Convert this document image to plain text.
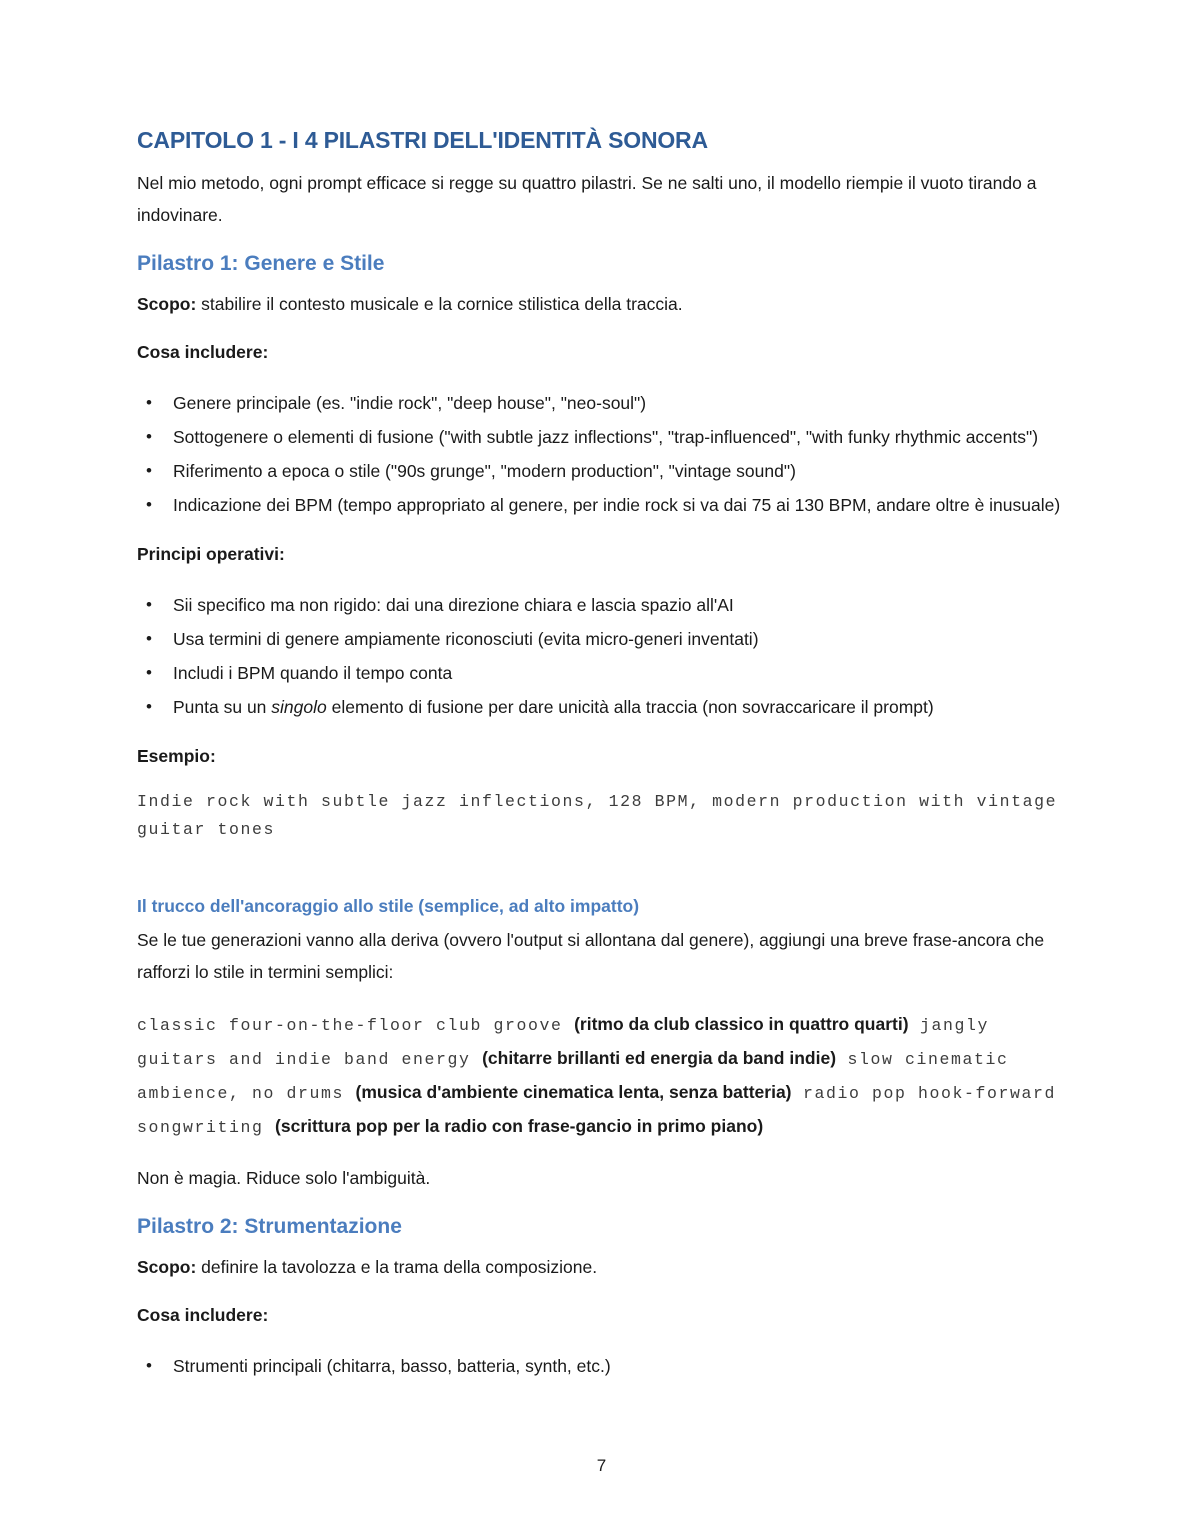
CAPITOLO 1 - I 4 PILASTRI DELL'IDENTITÀ SONORA

Nel mio metodo, ogni prompt efficace si regge su quattro pilastri. Se ne salti uno, il modello riempie il vuoto tirando a indovinare.

Pilastro 1: Genere e Stile

Scopo: stabilire il contesto musicale e la cornice stilistica della traccia.

Cosa includere:

• Genere principale (es. "indie rock", "deep house", "neo-soul")
• Sottogenere o elementi di fusione ("with subtle jazz inflections", "trap-influenced", "with funky rhythmic accents")
• Riferimento a epoca o stile ("90s grunge", "modern production", "vintage sound")
• Indicazione dei BPM (tempo appropriato al genere, per indie rock si va dai 75 ai 130 BPM, andare oltre è inusuale)

Principi operativi:

• Sii specifico ma non rigido: dai una direzione chiara e lascia spazio all'AI
• Usa termini di genere ampiamente riconosciuti (evita micro-generi inventati)
• Includi i BPM quando il tempo conta
• Punta su un singolo elemento di fusione per dare unicità alla traccia (non sovraccaricare il prompt)

Esempio:

Indie rock with subtle jazz inflections, 128 BPM, modern production with vintage guitar tones

Il trucco dell'ancoraggio allo stile (semplice, ad alto impatto)

Se le tue generazioni vanno alla deriva (ovvero l'output si allontana dal genere), aggiungi una breve frase-ancora che rafforzi lo stile in termini semplici:

classic four-on-the-floor club groove (ritmo da club classico in quattro quarti) jangly guitars and indie band energy (chitarre brillanti ed energia da band indie) slow cinematic ambience, no drums (musica d'ambiente cinematica lenta, senza batteria) radio pop hook-forward songwriting (scrittura pop per la radio con frase-gancio in primo piano)

Non è magia. Riduce solo l'ambiguità.

Pilastro 2: Strumentazione

Scopo: definire la tavolozza e la trama della composizione.

Cosa includere:

• Strumenti principali (chitarra, basso, batteria, synth, etc.)
7
